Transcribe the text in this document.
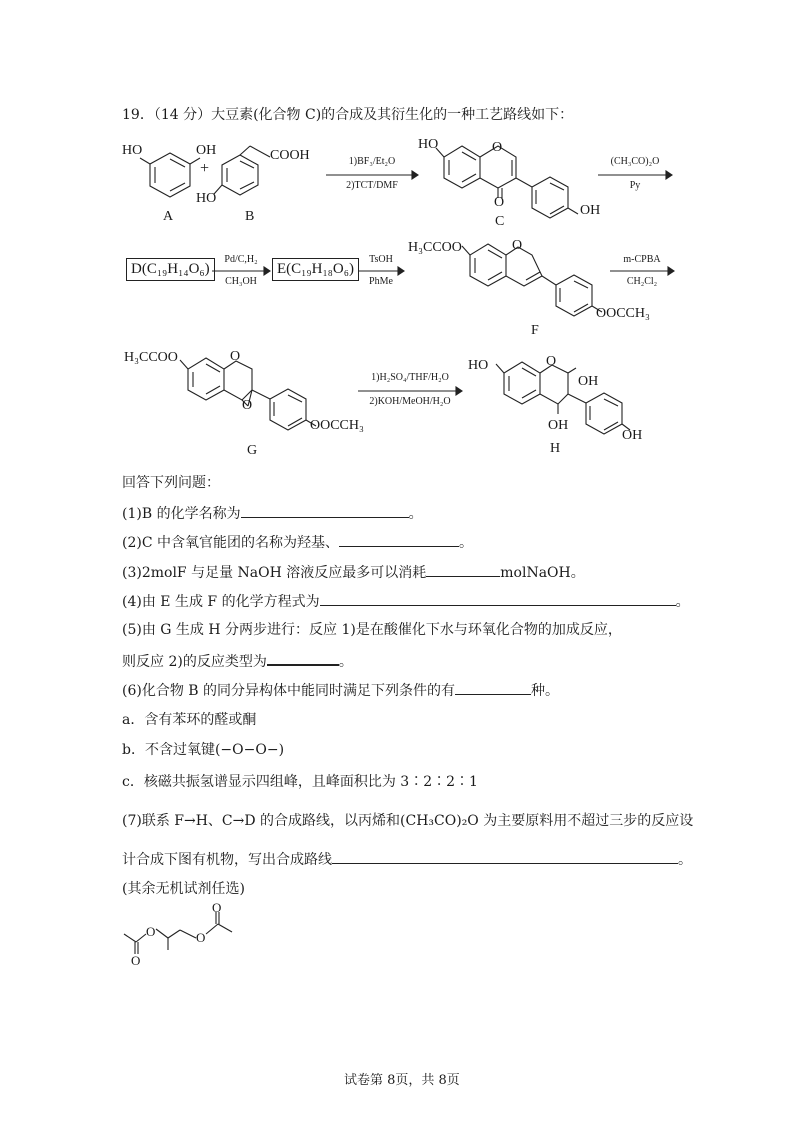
19．（14 分）大豆素(化合物 C)的合成及其衍生化的一种工艺路线如下：
HO	OH
A
+
COOH
HO
B
1)BF₃/Et₂O
2)TCT/DMF
HO	O
O
OH
C
(CH₃CO)₂O
Py
D(C₁₉H₁₄O₆)
Pd/C,H₂
CH₃OH
E(C₁₉H₁₈O₆)
TsOH
PhMe
H₃CCOO	O
OOCCH₃
F
m-CPBA
CH₂Cl₂
H₃CCOO	O
O
OOCCH₃
G
1)H₂SO₄/THF/H₂O
2)KOH/MeOH/H₂O
HO	O
OH
OH
OH
H
回答下列问题：
(1)B 的化学名称为	。
(2)C 中含氧官能团的名称为羟基、	。
(3)2molF 与足量 NaOH 溶液反应最多可以消耗	molNaOH。
(4)由 E 生成 F 的化学方程式为	。
(5)由 G 生成 H 分两步进行：反应 1)是在酸催化下水与环氧化合物的加成反应，
则反应 2)的反应类型为	。
(6)化合物 B 的同分异构体中能同时满足下列条件的有	种。
a．含有苯环的醛或酮
b．不含过氧键(−O−O−)
c．核磁共振氢谱显示四组峰，且峰面积比为 3∶2∶2∶1
(7)联系 F→H、C→D 的合成路线，以丙烯和(CH₃CO)₂O 为主要原料用不超过三步的反应设
计合成下图有机物，写出合成路线	。
(其余无机试剂任选)
O
O
O
O
试卷第 8页，共 8页
